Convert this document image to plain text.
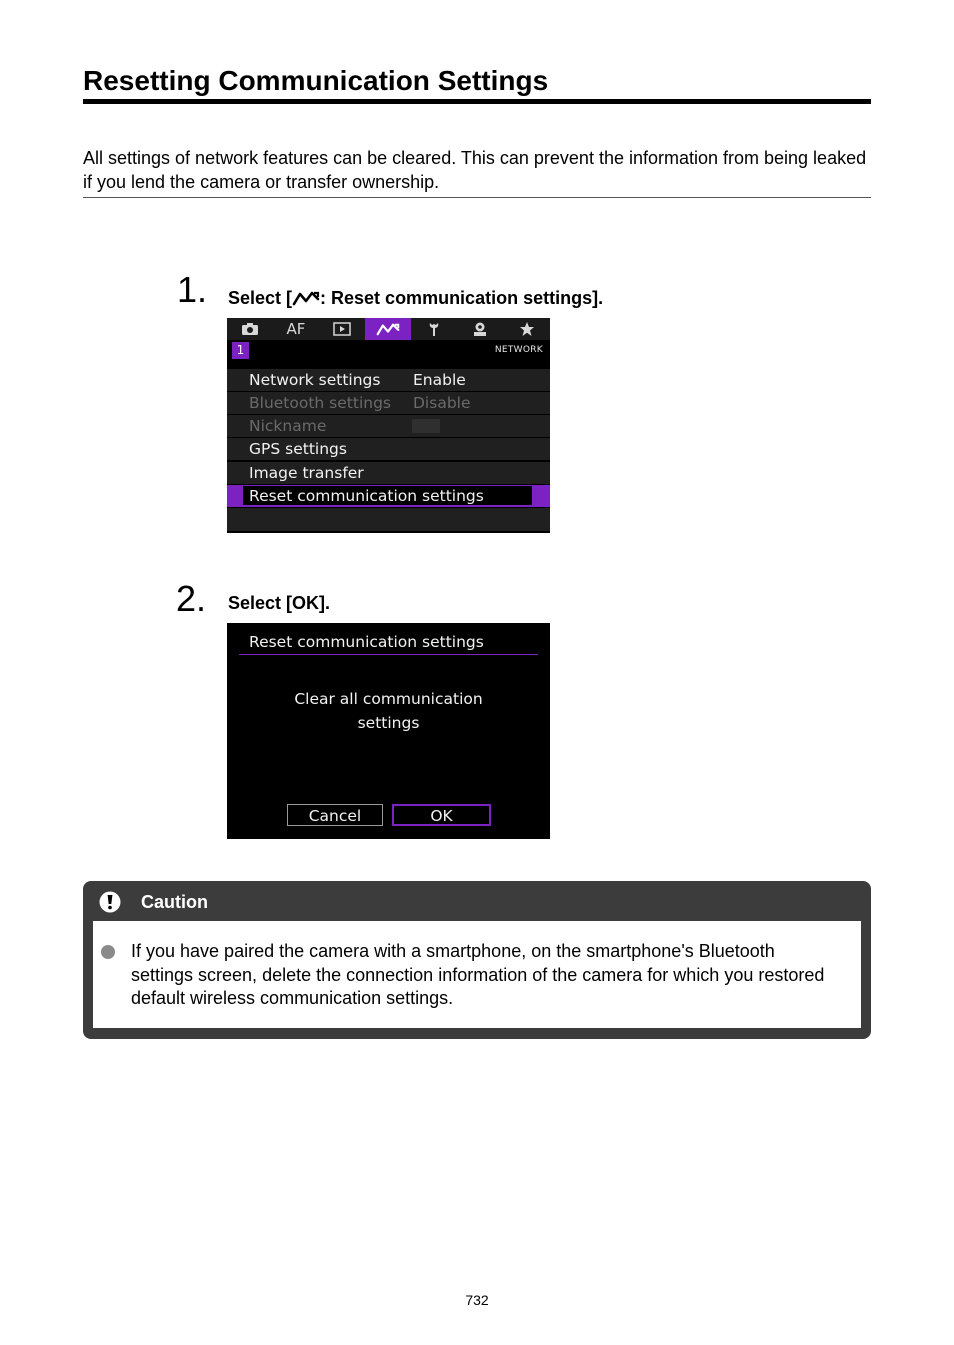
Resetting Communication Settings

All settings of network features can be cleared. This can prevent the information from being leaked if you lend the camera or transfer ownership.

1. Select [ : Reset communication settings].
AF
1	NETWORK
Network settings Enable
Bluetooth settings Disable
Nickname
GPS settings
Image transfer
Reset communication settings
2. Select [OK].
Reset communication settings
Clear all communication
settings
Cancel	OK
Caution

If you have paired the camera with a smartphone, on the smartphone's Bluetooth settings screen, delete the connection information of the camera for which you restored default wireless communication settings.

732
